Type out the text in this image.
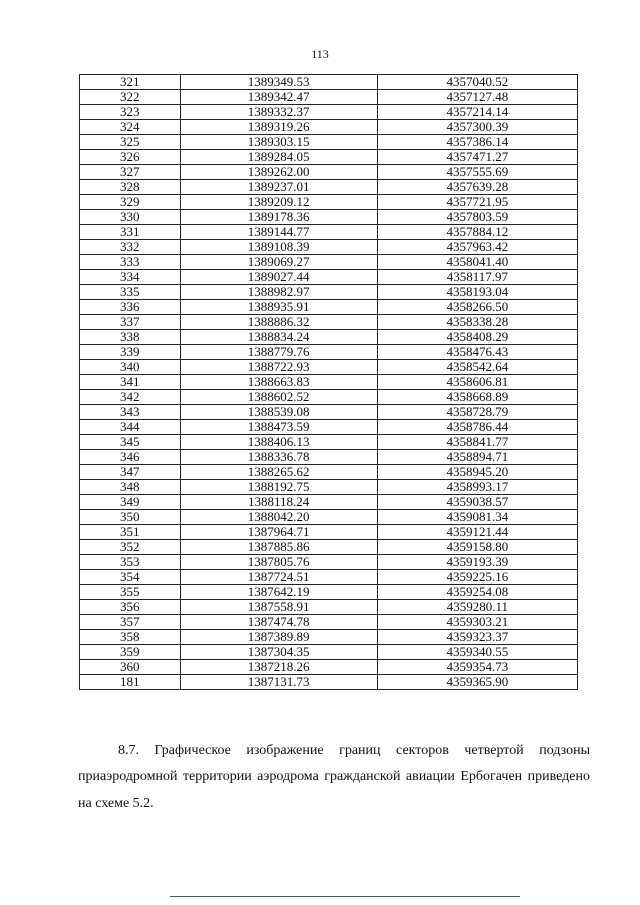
113
321	1389349.53	4357040.52
322	1389342.47	4357127.48
323	1389332.37	4357214.14
324	1389319.26	4357300.39
325	1389303.15	4357386.14
326	1389284.05	4357471.27
327	1389262.00	4357555.69
328	1389237.01	4357639.28
329	1389209.12	4357721.95
330	1389178.36	4357803.59
331	1389144.77	4357884.12
332	1389108.39	4357963.42
333	1389069.27	4358041.40
334	1389027.44	4358117.97
335	1388982.97	4358193.04
336	1388935.91	4358266.50
337	1388886.32	4358338.28
338	1388834.24	4358408.29
339	1388779.76	4358476.43
340	1388722.93	4358542.64
341	1388663.83	4358606.81
342	1388602.52	4358668.89
343	1388539.08	4358728.79
344	1388473.59	4358786.44
345	1388406.13	4358841.77
346	1388336.78	4358894.71
347	1388265.62	4358945.20
348	1388192.75	4358993.17
349	1388118.24	4359038.57
350	1388042.20	4359081.34
351	1387964.71	4359121.44
352	1387885.86	4359158.80
353	1387805.76	4359193.39
354	1387724.51	4359225.16
355	1387642.19	4359254.08
356	1387558.91	4359280.11
357	1387474.78	4359303.21
358	1387389.89	4359323.37
359	1387304.35	4359340.55
360	1387218.26	4359354.73
181	1387131.73	4359365.90
8.7. Графическое изображение границ секторов четвертой подзоны
приаэродромной территории аэродрома гражданской авиации Ербогачен приведено
на схеме 5.2.
